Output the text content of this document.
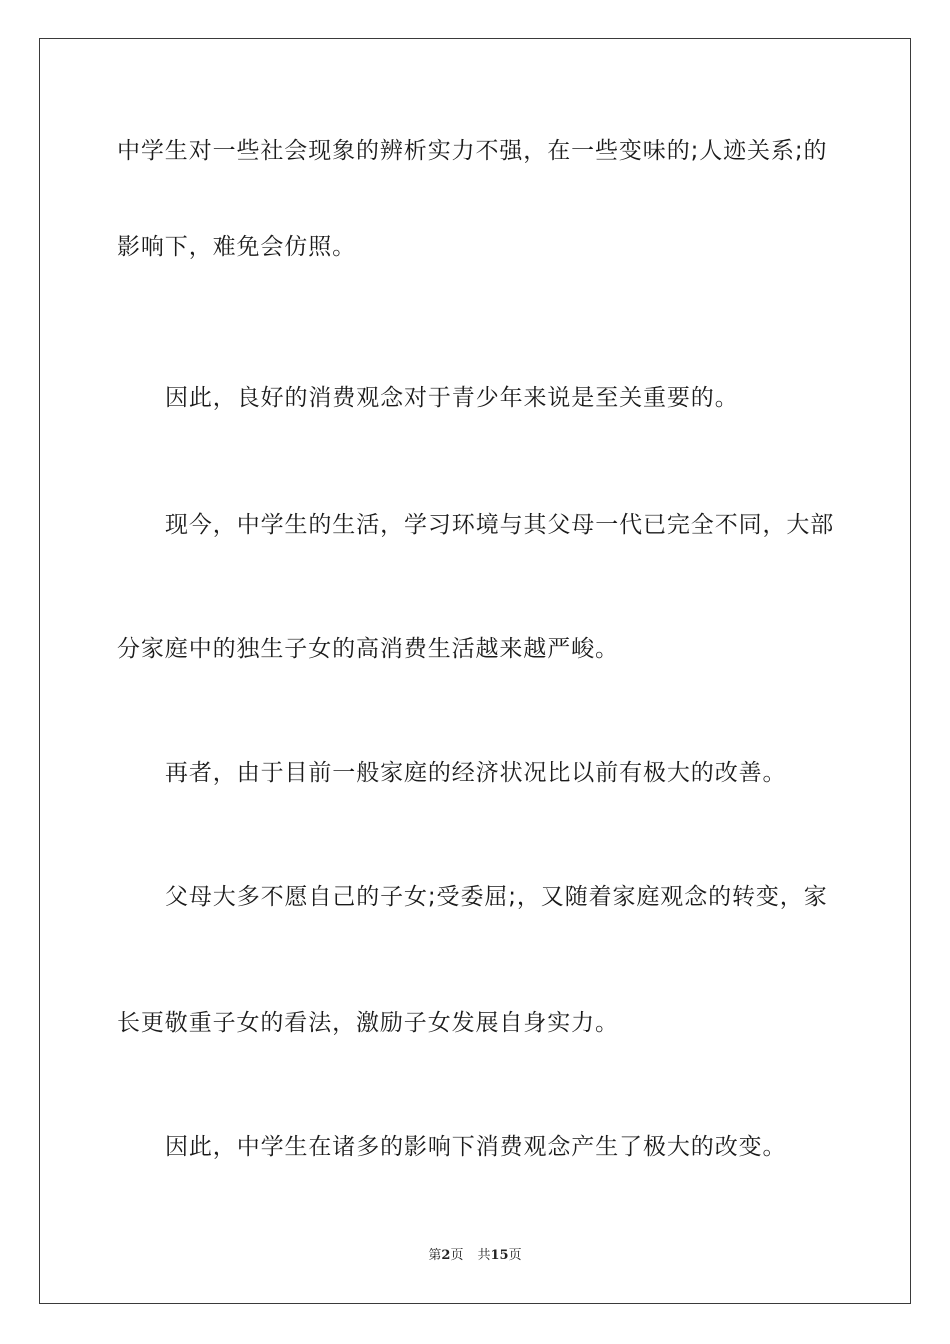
中学生对一些社会现象的辨析实力不强，在一些变味的;人迹关系;的
影响下，难免会仿照。
因此，良好的消费观念对于青少年来说是至关重要的。
现今，中学生的生活，学习环境与其父母一代已完全不同，大部
分家庭中的独生子女的高消费生活越来越严峻。
再者，由于目前一般家庭的经济状况比以前有极大的改善。
父母大多不愿自己的子女;受委屈;，又随着家庭观念的转变，家
长更敬重子女的看法，激励子女发展自身实力。
因此，中学生在诸多的影响下消费观念产生了极大的改变。
第2页 共15页
